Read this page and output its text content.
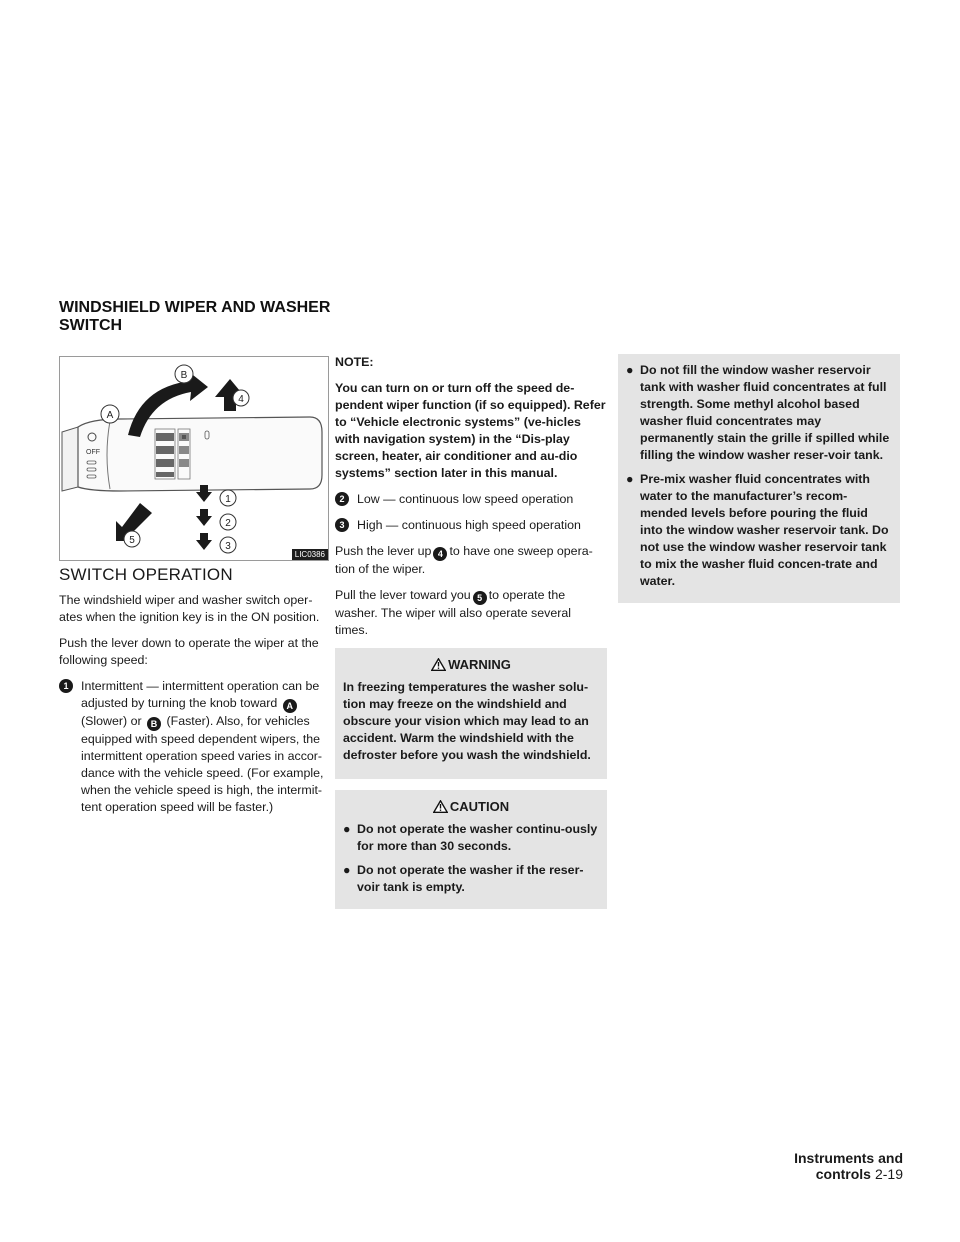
WINDSHIELD WIPER AND WASHER SWITCH
OFF
A
B
4
1
2
3
5
LIC0386
SWITCH OPERATION

The windshield wiper and washer switch oper-ates when the ignition key is in the ON position.

Push the lever down to operate the wiper at the following speed:

1	Intermittent — intermittent operation can be adjusted by turning the knob toward A (Slower) or B (Faster). Also, for vehicles equipped with speed dependent wipers, the intermittent operation speed varies in accor-dance with the vehicle speed. (For example, when the vehicle speed is high, the intermit-tent operation speed will be faster.)

NOTE:

You can turn on or turn off the speed de-pendent wiper function (if so equipped). Refer to “Vehicle electronic systems” (ve-hicles with navigation system) in the “Dis-play screen, heater, air conditioner and au-dio systems” section later in this manual.

2	Low — continuous low speed operation
3	High — continuous high speed operation

Push the lever up 4 to have one sweep opera-tion of the wiper.

Pull the lever toward you 5 to operate the washer. The wiper will also operate several times.

WARNING

In freezing temperatures the washer solu-tion may freeze on the windshield and obscure your vision which may lead to an accident. Warm the windshield with the defroster before you wash the windshield.

CAUTION
● Do not operate the washer continu-ously for more than 30 seconds.
● Do not operate the washer if the reser-voir tank is empty.
● Do not fill the window washer reservoir tank with washer fluid concentrates at full strength. Some methyl alcohol based washer fluid concentrates may permanently stain the grille if spilled while filling the window washer reser-voir tank.
● Pre-mix washer fluid concentrates with water to the manufacturer’s recom-mended levels before pouring the fluid into the window washer reservoir tank. Do not use the window washer reservoir tank to mix the washer fluid concen-trate and water.
Instruments and controls 2-19
